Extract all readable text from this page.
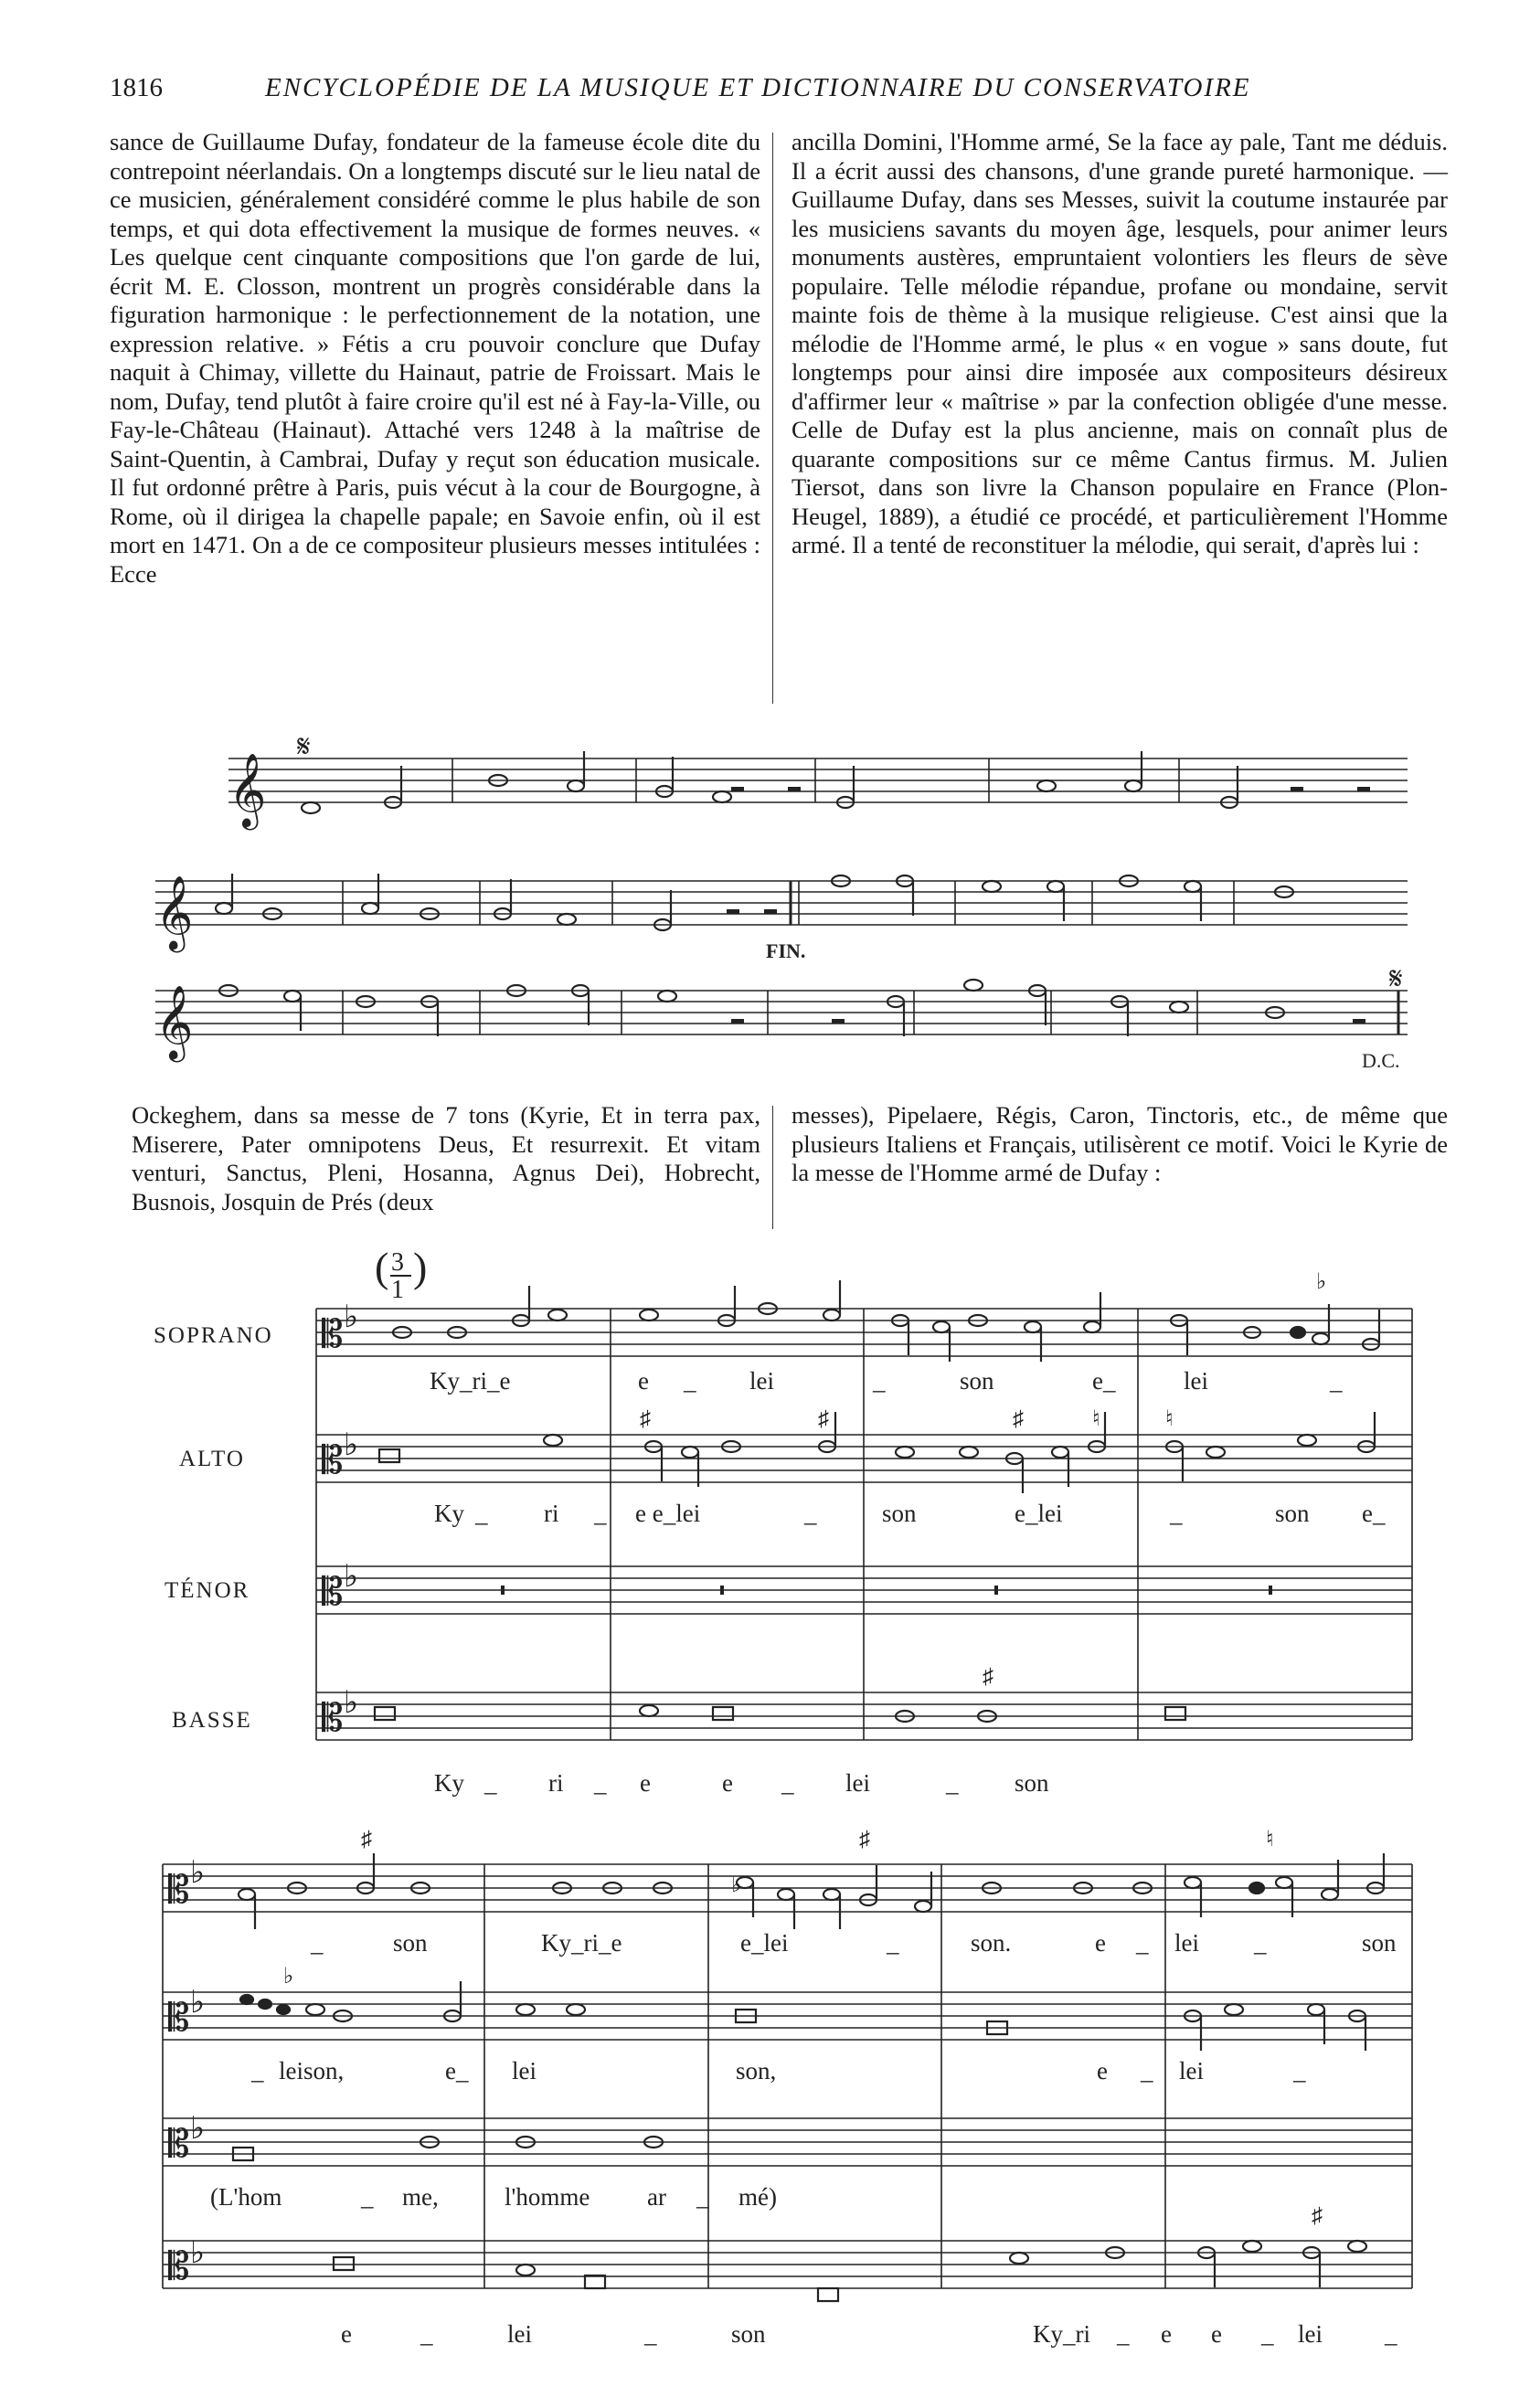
1816	ENCYCLOPÉDIE DE LA MUSIQUE ET DICTIONNAIRE DU CONSERVATOIRE

sance de Guillaume Dufay, fondateur de la fameuse école dite du contrepoint néerlandais. On a longtemps discuté sur le lieu natal de ce musicien, généralement considéré comme le plus habile de son temps, et qui dota effectivement la musique de formes neuves. « Les quelque cent cinquante compositions que l'on garde de lui, écrit M. E. Closson, montrent un progrès considérable dans la figuration harmonique : le perfectionnement de la notation, une expression relative. » Fétis a cru pouvoir conclure que Dufay naquit à Chimay, villette du Hainaut, patrie de Froissart. Mais le nom, Dufay, tend plutôt à faire croire qu'il est né à Fay-la-Ville, ou Fay-le-Château (Hainaut). Attaché vers 1248 à la maîtrise de Saint-Quentin, à Cambrai, Dufay y reçut son éducation musicale. Il fut ordonné prêtre à Paris, puis vécut à la cour de Bourgogne, à Rome, où il dirigea la chapelle papale; en Savoie enfin, où il est mort en 1471. On a de ce compositeur plusieurs messes intitulées : Ecce

ancilla Domini, l'Homme armé, Se la face ay pale, Tant me déduis. Il a écrit aussi des chansons, d'une grande pureté harmonique. — Guillaume Dufay, dans ses Messes, suivit la coutume instaurée par les musiciens savants du moyen âge, lesquels, pour animer leurs monuments austères, empruntaient volontiers les fleurs de sève populaire. Telle mélodie répandue, profane ou mondaine, servit mainte fois de thème à la musique religieuse. C'est ainsi que la mélodie de l'Homme armé, le plus « en vogue » sans doute, fut longtemps pour ainsi dire imposée aux compositeurs désireux d'affirmer leur « maîtrise » par la confection obligée d'une messe. Celle de Dufay est la plus ancienne, mais on connaît plus de quarante compositions sur ce même Cantus firmus. M. Julien Tiersot, dans son livre la Chanson populaire en France (Plon-Heugel, 1889), a étudié ce procédé, et particulièrement l'Homme armé. Il a tenté de reconstituer la mélodie, qui serait, d'après lui :

𝄞
𝄞
𝄞
𝄋
𝄋
FIN.
D.C.

Ockeghem, dans sa messe de 7 tons (Kyrie, Et in terra pax, Miserere, Pater omnipotens Deus, Et resurrexit. Et vitam venturi, Sanctus, Pleni, Hosanna, Agnus Dei), Hobrecht, Busnois, Josquin de Prés (deux

messes), Pipelaere, Régis, Caron, Tinctoris, etc., de même que plusieurs Italiens et Français, utilisèrent ce motif. Voici le Kyrie de la messe de l'Homme armé de Dufay :

( 3
1 )
SOPRANO
ALTO
TÉNOR
BASSE
𝄡
𝄡
𝄡
𝄡
𝄡
𝄡
𝄡
𝄡
♭
♭
♭
♭
♭
♭
♭
♭
♭
♯	♯	♯	♮	♮
♯
Ky_ri_e	e _ lei	_	son	e_	lei	_
Ky _ ri _ e e_lei	_	son	e_lei	_	son e_
Ky _ ri _ e	e _ lei	_ son
♯	♯	♮
♭
♯
♭
_	son	Ky_ri_e	e_lei	_	son.	e _ lei _	son
_ leison,	e_ lei	son,	e _ lei	_
(L'hom	_ me,	l'homme ar _ mé)
e	_	lei	_	son	Ky_ri _ e e _ lei	_
